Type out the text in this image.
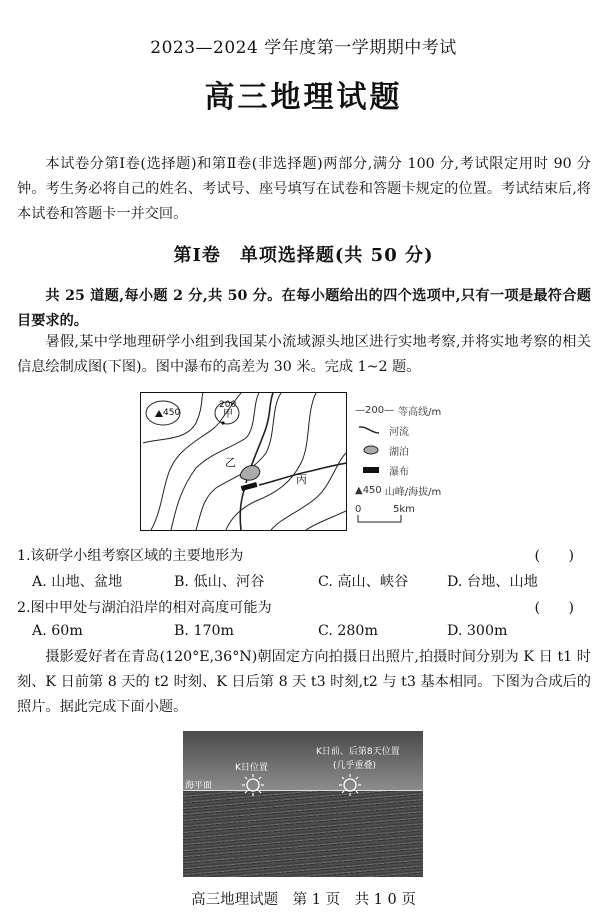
2023—2024 学年度第一学期期中考试
高三地理试题

本试卷分第Ⅰ卷(选择题)和第Ⅱ卷(非选择题)两部分,满分 100 分,考试限定用时 90 分钟。考生务必将自己的姓名、考试号、座号填写在试卷和答题卡规定的位置。考试结束后,将本试卷和答题卡一并交回。

第Ⅰ卷　单项选择题(共 50 分)

共 25 道题,每小题 2 分,共 50 分。在每小题给出的四个选项中,只有一项是最符合题目要求的。

暑假,某中学地理研学小组到我国某小流域源头地区进行实地考察,并将实地考察的相关信息绘制成图(下图)。图中瀑布的高差为 30 米。完成 1~2 题。

450
200
甲
乙
丙
—200— 等高线/m
河流
湖泊
瀑布
▲450 山峰/海拔/m
0	5km
1.该研学小组考察区域的主要地形为	(　　)
A. 山地、盆地	B. 低山、河谷	C. 高山、峡谷	D. 台地、山地
2.图中甲处与湖泊沿岸的相对高度可能为	(　　)
A. 60m	B. 170m	C. 280m	D. 300m

摄影爱好者在青岛(120°E,36°N)朝固定方向拍摄日出照片,拍摄时间分别为 K 日 t1 时刻、K 日前第 8 天的 t2 时刻、K 日后第 8 天 t3 时刻,t2 与 t3 基本相同。下图为合成后的照片。据此完成下面小题。

海平面
K日位置
K日前、后第8天位置
(几乎重叠)
高三地理试题　第 1 页　共 1 0 页
